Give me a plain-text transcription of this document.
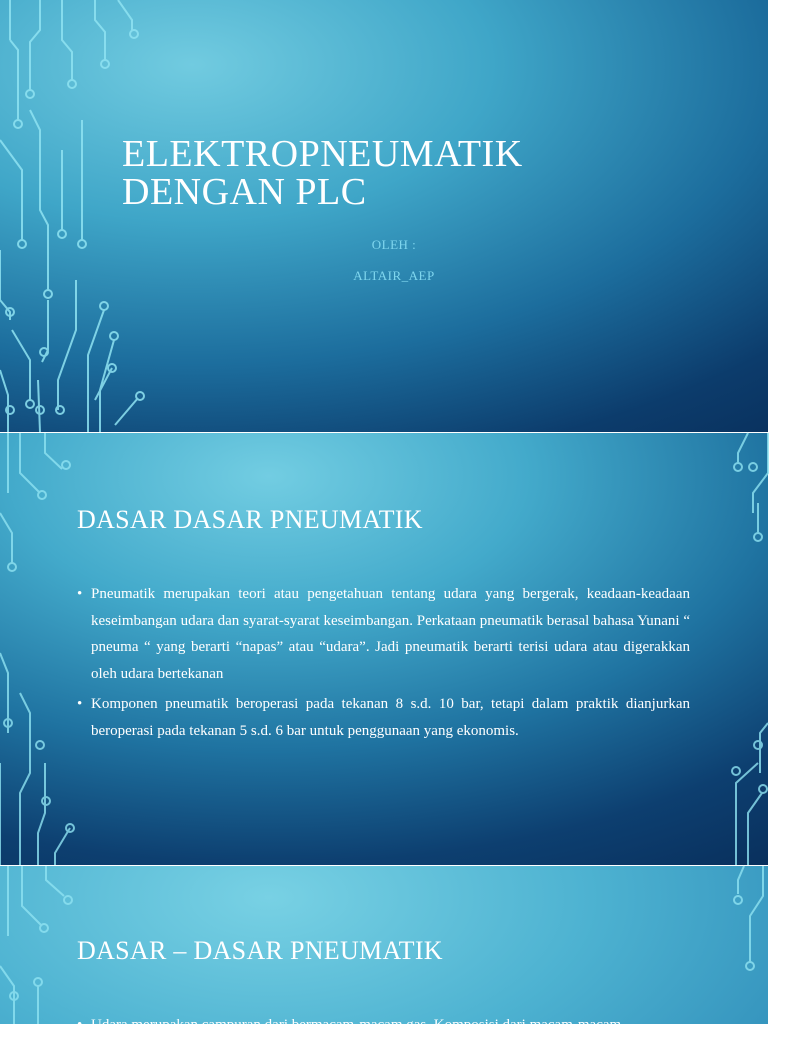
ELEKTROPNEUMATIK
DENGAN PLC
OLEH :
ALTAIR_AEP
DASAR DASAR PNEUMATIK
• Pneumatik merupakan teori atau pengetahuan tentang udara yang bergerak, keadaan-keadaan keseimbangan udara dan syarat-syarat keseimbangan. Perkataan pneumatik berasal bahasa Yunani “ pneuma “ yang berarti “napas” atau “udara”. Jadi pneumatik berarti terisi udara atau digerakkan oleh udara bertekanan
• Komponen pneumatik beroperasi pada tekanan 8 s.d. 10 bar, tetapi dalam praktik dianjurkan beroperasi pada tekanan 5 s.d. 6 bar untuk penggunaan yang ekonomis.
DASAR – DASAR PNEUMATIK
• Udara merupakan campuran dari bermacam-macam gas. Komposisi dari macam-macam
